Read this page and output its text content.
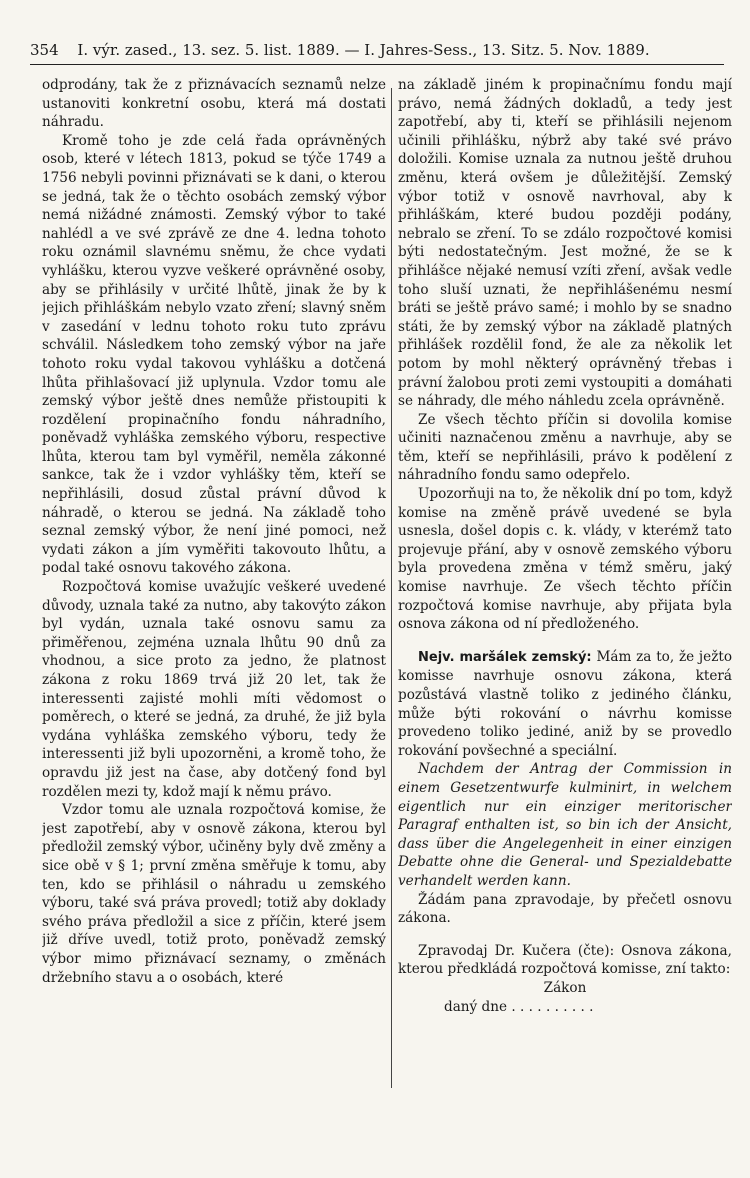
354 I. výr. zased., 13. sez. 5. list. 1889. — I. Jahres-Sess., 13. Sitz. 5. Nov. 1889.

odprodány, tak že z přiznávacích seznamů nelze ustanoviti konkretní osobu, která má dostati náhradu.

Kromě toho je zde celá řada oprávněných osob, které v létech 1813, pokud se týče 1749 a 1756 nebyli povinni přiznávati se k dani, o kterou se jedná, tak že o těchto osobách zemský výbor nemá nižádné známosti. Zemský výbor to také nahlédl a ve své zprávě ze dne 4. ledna tohoto roku oznámil slavnému sněmu, že chce vydati vyhlášku, kterou vyzve veškeré oprávněné osoby, aby se přihlásily v určité lhůtě, jinak že by k jejich přihláškám nebylo vzato zření; slavný sněm v zasedání v lednu tohoto roku tuto zprávu schválil. Následkem toho zemský výbor na jaře tohoto roku vydal takovou vyhlášku a dotčená lhůta přihlašovací již uplynula. Vzdor tomu ale zemský výbor ještě dnes nemůže přistoupiti k rozdělení propinačního fondu náhradního, poněvadž vyhláška zemského výboru, respective lhůta, kterou tam byl vyměřil, neměla zákonné sankce, tak že i vzdor vyhlášky těm, kteří se nepřihlásili, dosud zůstal právní důvod k náhradě, o kterou se jedná. Na základě toho seznal zemský výbor, že není jiné pomoci, než vydati zákon a jím vyměřiti takovouto lhůtu, a podal také osnovu takového zákona.

Rozpočtová komise uvažujíc veškeré uvedené důvody, uznala také za nutno, aby takovýto zákon byl vydán, uznala také osnovu samu za přiměřenou, zejména uznala lhůtu 90 dnů za vhodnou, a sice proto za jedno, že platnost zákona z roku 1869 trvá již 20 let, tak že interessenti zajisté mohli míti vědomost o poměrech, o které se jedná, za druhé, že již byla vydána vyhláška zemského výboru, tedy že interessenti již byli upozorněni, a kromě toho, že opravdu již jest na čase, aby dotčený fond byl rozdělen mezi ty, kdož mají k němu právo.

Vzdor tomu ale uznala rozpočtová komise, že jest zapotřebí, aby v osnově zákona, kterou byl předložil zemský výbor, učiněny byly dvě změny a sice obě v § 1; první změna směřuje k tomu, aby ten, kdo se přihlásil o náhradu u zemského výboru, také svá práva provedl; totiž aby doklady svého práva předložil a sice z příčin, které jsem již dříve uvedl, totiž proto, poněvadž zemský výbor mimo přiznávací seznamy, o změnách držebního stavu a o osobách, které

na základě jiném k propinačnímu fondu mají právo, nemá žádných dokladů, a tedy jest zapotřebí, aby ti, kteří se přihlásili nejenom učinili přihlášku, nýbrž aby také své právo doložili. Komise uznala za nutnou ještě druhou změnu, která ovšem je důležitější. Zemský výbor totiž v osnově navrhoval, aby k přihláškám, které budou později podány, nebralo se zření. To se zdálo rozpočtové komisi býti nedostatečným. Jest možné, že se k přihlášce nějaké nemusí vzíti zření, avšak vedle toho sluší uznati, že nepřihlášenému nesmí bráti se ještě právo samé; i mohlo by se snadno státi, že by zemský výbor na základě platných přihlášek rozdělil fond, že ale za několik let potom by mohl některý oprávněný třebas i právní žalobou proti zemi vystoupiti a domáhati se náhrady, dle mého náhledu zcela oprávněně.

Ze všech těchto příčin si dovolila komise učiniti naznačenou změnu a navrhuje, aby se těm, kteří se nepřihlásili, právo k podělení z náhradního fondu samo odepřelo.

Upozorňuji na to, že několik dní po tom, když komise na změně právě uvedené se byla usnesla, došel dopis c. k. vlády, v kterémž tato projevuje přání, aby v osnově zemského výboru byla provedena změna v témž směru, jaký komise navrhuje. Ze všech těchto příčin rozpočtová komise navrhuje, aby přijata byla osnova zákona od ní předloženého.

Nejv. maršálek zemský: Mám za to, že ježto komisse navrhuje osnovu zákona, která pozůstává vlastně toliko z jediného článku, může býti rokování o návrhu komisse provedeno toliko jediné, aniž by se provedlo rokování povšechné a speciální.

Nachdem der Antrag der Commission in einem Gesetzentwurfe kulminirt, in welchem eigentlich nur ein einziger meritorischer Paragraf enthalten ist, so bin ich der Ansicht, dass über die Angelegenheit in einer einzigen Debatte ohne die General- und Spezialdebatte verhandelt werden kann.

Žádám pana zpravodaje, by přečetl osnovu zákona.

Zpravodaj Dr. Kučera (čte): Osnova zákona, kterou předkládá rozpočtová komisse, zní takto:

Zákon

daný dne . . . . . . . . . .
